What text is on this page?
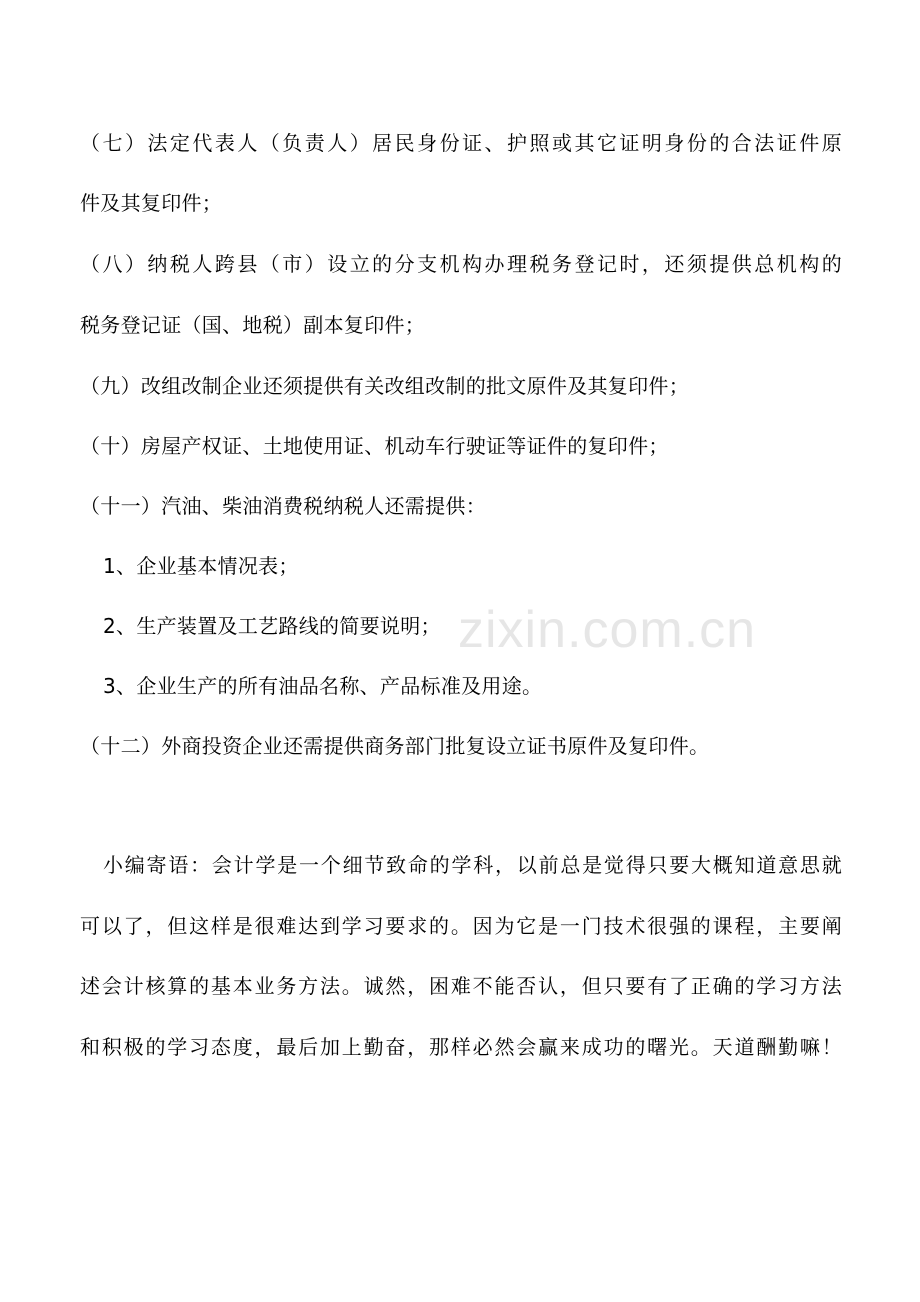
（七）法定代表人（负责人）居民身份证、护照或其它证明身份的合法证件原
件及其复印件；
（八）纳税人跨县（市）设立的分支机构办理税务登记时，还须提供总机构的
税务登记证（国、地税）副本复印件；
（九）改组改制企业还须提供有关改组改制的批文原件及其复印件；
（十）房屋产权证、土地使用证、机动车行驶证等证件的复印件；
（十一）汽油、柴油消费税纳税人还需提供：
1、企业基本情况表；
2、生产装置及工艺路线的简要说明；
3、企业生产的所有油品名称、产品标准及用途。
（十二）外商投资企业还需提供商务部门批复设立证书原件及复印件。
小编寄语：会计学是一个细节致命的学科，以前总是觉得只要大概知道意思就
可以了，但这样是很难达到学习要求的。因为它是一门技术很强的课程，主要阐
述会计核算的基本业务方法。诚然，困难不能否认，但只要有了正确的学习方法
和积极的学习态度，最后加上勤奋，那样必然会赢来成功的曙光。天道酬勤嘛！
zixin.com.cn
